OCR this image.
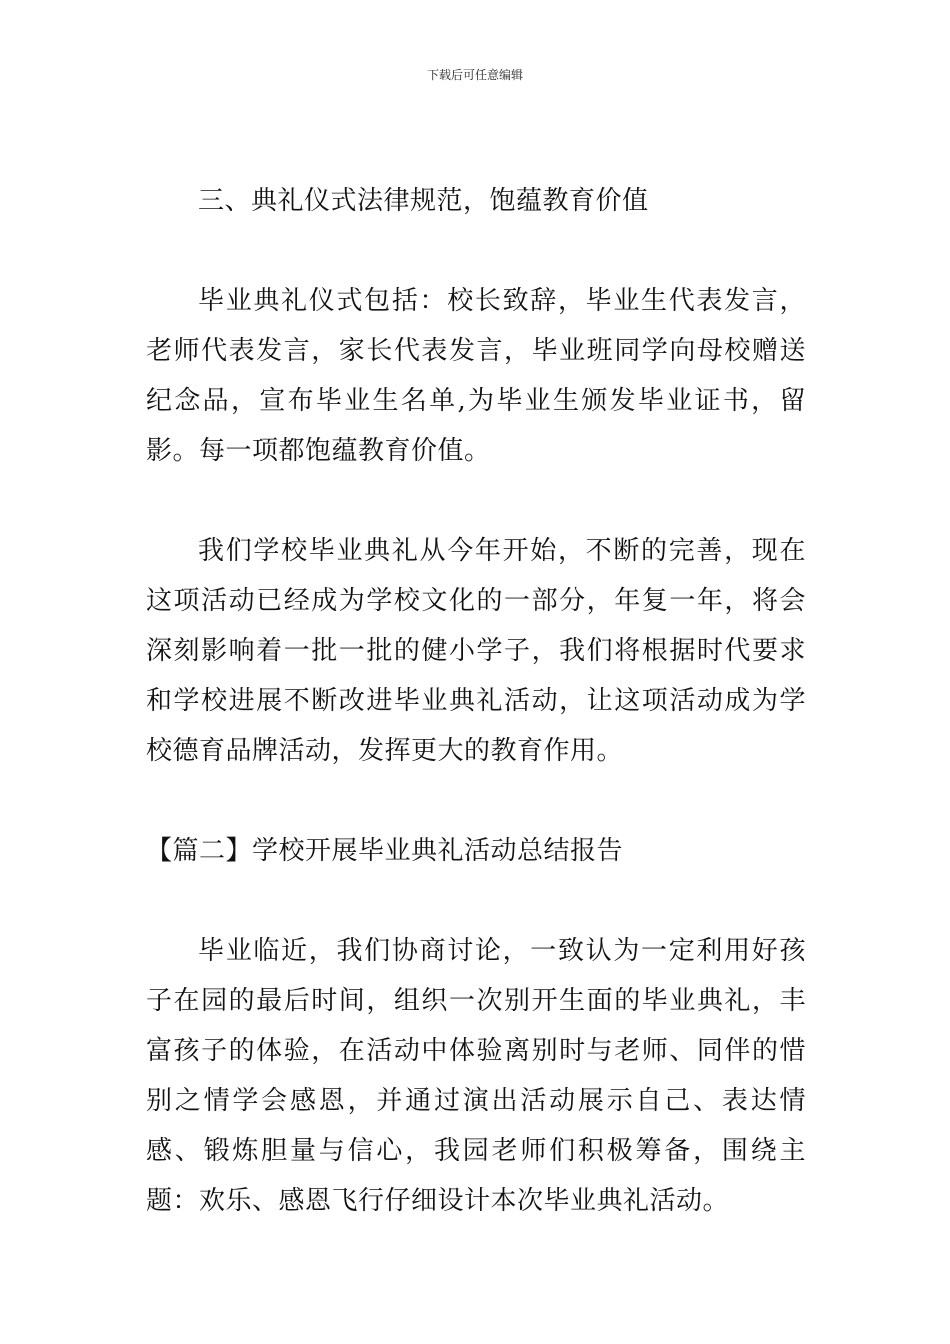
下载后可任意编辑

三、典礼仪式法律规范，饱蕴教育价值

毕业典礼仪式包括：校长致辞，毕业生代表发言，老师代表发言，家长代表发言，毕业班同学向母校赠送纪念品，宣布毕业生名单,为毕业生颁发毕业证书，留影。每一项都饱蕴教育价值。

我们学校毕业典礼从今年开始，不断的完善，现在这项活动已经成为学校文化的一部分，年复一年，将会深刻影响着一批一批的健小学子，我们将根据时代要求和学校进展不断改进毕业典礼活动，让这项活动成为学校德育品牌活动，发挥更大的教育作用。

【篇二】学校开展毕业典礼活动总结报告

毕业临近，我们协商讨论，一致认为一定利用好孩子在园的最后时间，组织一次别开生面的毕业典礼，丰富孩子的体验，在活动中体验离别时与老师、同伴的惜别之情学会感恩，并通过演出活动展示自己、表达情感、锻炼胆量与信心，我园老师们积极筹备，围绕主题：欢乐、感恩飞行仔细设计本次毕业典礼活动。
